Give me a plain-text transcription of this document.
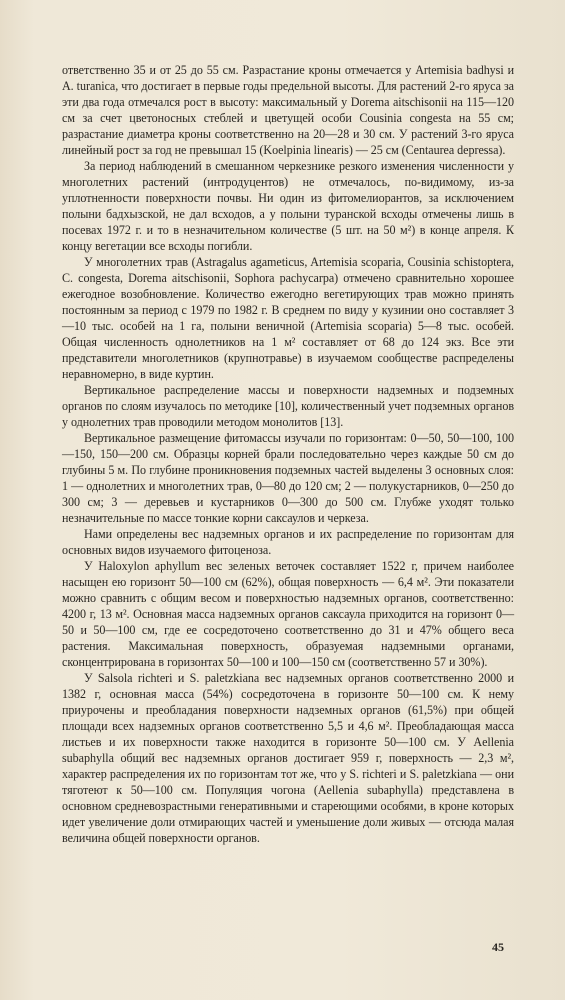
ответственно 35 и от 25 до 55 см. Разрастание кроны отмечается у Artemisia badhysi и A. turanica, что достигает в первые годы предельной высоты. Для растений 2-го яруса за эти два года отмечался рост в высоту: максимальный у Dorema aitschisonii на 115—120 см за счет цветоносных стеблей и цветущей особи Cousinia congesta на 55 см; разрастание диаметра кроны соответственно на 20—28 и 30 см. У растений 3-го яруса линейный рост за год не превышал 15 (Koelpinia linearis) — 25 см (Centaurea depressa).

За период наблюдений в смешанном черкезнике резкого изменения численности у многолетних растений (интродуцентов) не отмечалось, по-видимому, из-за уплотненности поверхности почвы. Ни один из фитомелиорантов, за исключением полыни бадхызской, не дал всходов, а у полыни туранской всходы отмечены лишь в посевах 1972 г. и то в незначительном количестве (5 шт. на 50 м²) в конце апреля. К концу вегетации все всходы погибли.

У многолетних трав (Astragalus agameticus, Artemisia scoparia, Cousinia schistoptera, C. congesta, Dorema aitschisonii, Sophora pachycarpa) отмечено сравнительно хорошее ежегодное возобновление. Количество ежегодно вегетирующих трав можно принять постоянным за период с 1979 по 1982 г. В среднем по виду у кузинии оно составляет 3—10 тыс. особей на 1 га, полыни веничной (Artemisia scoparia) 5—8 тыс. особей. Общая численность однолетников на 1 м² составляет от 68 до 124 экз. Все эти представители многолетников (крупнотравье) в изучаемом сообществе распределены неравномерно, в виде куртин.

Вертикальное распределение массы и поверхности надземных и подземных органов по слоям изучалось по методике [10], количественный учет подземных органов у однолетних трав проводили методом монолитов [13].

Вертикальное размещение фитомассы изучали по горизонтам: 0—50, 50—100, 100—150, 150—200 см. Образцы корней брали последовательно через каждые 50 см до глубины 5 м. По глубине проникновения подземных частей выделены 3 основных слоя: 1 — однолетних и многолетних трав, 0—80 до 120 см; 2 — полукустарников, 0—250 до 300 см; 3 — деревьев и кустарников 0—300 до 500 см. Глубже уходят только незначительные по массе тонкие корни саксаулов и черкеза.

Нами определены вес надземных органов и их распределение по горизонтам для основных видов изучаемого фитоценоза.

У Haloxylon aphyllum вес зеленых веточек составляет 1522 г, причем наиболее насыщен ею горизонт 50—100 см (62%), общая поверхность — 6,4 м². Эти показатели можно сравнить с общим весом и поверхностью надземных органов, соответственно: 4200 г, 13 м². Основная масса надземных органов саксаула приходится на горизонт 0—50 и 50—100 см, где ее сосредоточено соответственно до 31 и 47% общего веса растения. Максимальная поверхность, образуемая надземными органами, сконцентрирована в горизонтах 50—100 и 100—150 см (соответственно 57 и 30%).

У Salsola richteri и S. paletzkiana вес надземных органов соответственно 2000 и 1382 г, основная масса (54%) сосредоточена в горизонте 50—100 см. К нему приурочены и преобладания поверхности надземных органов (61,5%) при общей площади всех надземных органов соответственно 5,5 и 4,6 м². Преобладающая масса листьев и их поверхности также находится в горизонте 50—100 см. У Aellenia subaphylla общий вес надземных органов достигает 959 г, поверхность — 2,3 м², характер распределения их по горизонтам тот же, что у S. richteri и S. paletzkiana — они тяготеют к 50—100 см. Популяция чогона (Aellenia subaphylla) представлена в основном средневозрастными генеративными и стареющими особями, в кроне которых идет увеличение доли отмирающих частей и уменьшение доли живых — отсюда малая величина общей поверхности органов.

45
